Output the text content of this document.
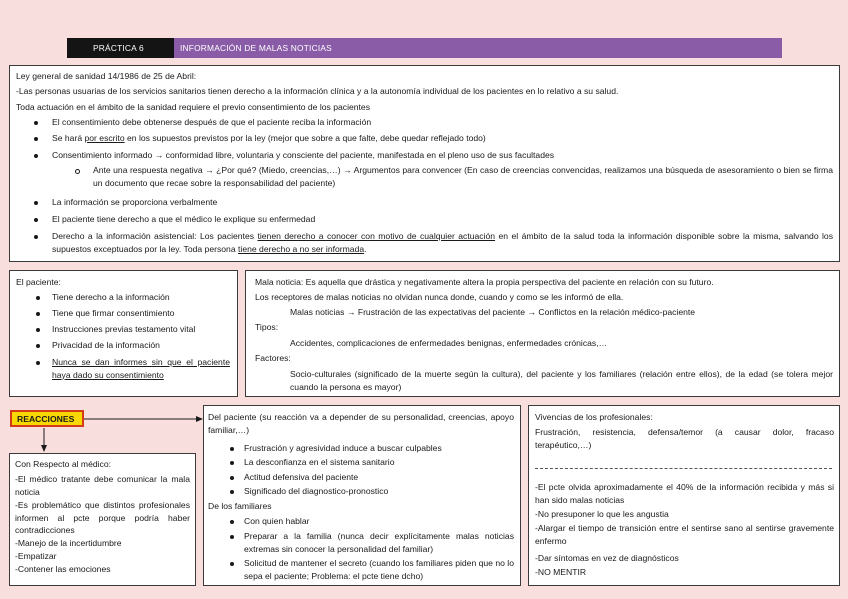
PRÁCTICA 6	INFORMACIÓN DE MALAS NOTICIAS
Ley general de sanidad 14/1986 de 25 de Abril:
-Las personas usuarias de los servicios sanitarios tienen derecho a la información clínica y a la autonomía individual de los pacientes en lo relativo a su salud.
Toda actuación en el ámbito de la sanidad requiere el previo consentimiento de los pacientes
El consentimiento debe obtenerse después de que el paciente reciba la información
Se hará por escrito en los supuestos previstos por la ley (mejor que sobre a que falte, debe quedar reflejado todo)
Consentimiento informado → conformidad libre, voluntaria y consciente del paciente, manifestada en el pleno uso de sus facultades
Ante una respuesta negativa → ¿Por qué? (Miedo, creencias,…) → Argumentos para convencer (En caso de creencias convencidas, realizamos una búsqueda de asesoramiento o bien se firma un documento que recae sobre la responsabilidad del paciente)
La información se proporciona verbalmente
El paciente tiene derecho a que el médico le explique su enfermedad
Derecho a la información asistencial: Los pacientes tienen derecho a conocer con motivo de cualquier actuación en el ámbito de la salud toda la información disponible sobre la misma, salvando los supuestos exceptuados por la ley. Toda persona tiene derecho a no ser informada.
El paciente:
Tiene derecho a la información
Tiene que firmar consentimiento
Instrucciones previas testamento vital
Privacidad de la información
Nunca se dan informes sin que el paciente haya dado su consentimiento
Mala noticia: Es aquella que drástica y negativamente altera la propia perspectiva del paciente en relación con su futuro.
Los receptores de malas noticias no olvidan nunca donde, cuando y como se les informó de ella.
Malas noticias → Frustración de las expectativas del paciente → Conflictos en la relación médico-paciente
Tipos:
Accidentes, complicaciones de enfermedades benignas, enfermedades crónicas,…
Factores:
Socio-culturales (significado de la muerte según la cultura), del paciente y los familiares (relación entre ellos), de la edad (se tolera mejor cuando la persona es mayor)
REACCIONES
Con Respecto al médico:
-El médico tratante debe comunicar la mala noticia
-Es problemático que distintos profesionales informen al pcte porque podría haber contradicciones
-Manejo de la incertidumbre
-Empatizar
-Contener las emociones
Del paciente (su reacción va a depender de su personalidad, creencias, apoyo familiar,…)
Frustración y agresividad induce a buscar culpables
La desconfianza en el sistema sanitario
Actitud defensiva del paciente
Significado del diagnostico-pronostico
De los familiares
Con quien hablar
Preparar a la familia (nunca decir explícitamente malas noticias extremas sin conocer la personalidad del familiar)
Solicitud de mantener el secreto (cuando los familiares piden que no lo sepa el paciente; Problema: el pcte tiene dcho)
Vivencias de los profesionales:
Frustración, resistencia, defensa/temor (a causar dolor, fracaso terapéutico,…)
-El pcte olvida aproximadamente el 40% de la información recibida y más si han sido malas noticias
-No presuponer lo que les angustia
-Alargar el tiempo de transición entre el sentirse sano al sentirse gravemente enfermo
-Dar síntomas en vez de diagnósticos
-NO MENTIR
